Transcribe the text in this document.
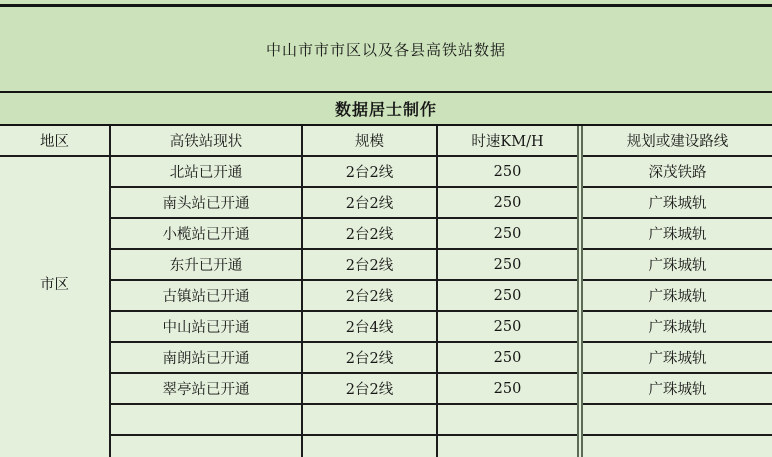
中山市市市区以及各县高铁站数据
数据居士制作
地区	高铁站现状	规模	时速KM/H	规划或建设路线
市区	北站已开通	2台2线	250	深茂铁路
	南头站已开通	2台2线	250	广珠城轨
	小榄站已开通	2台2线	250	广珠城轨
	东升已开通	2台2线	250	广珠城轨
	古镇站已开通	2台2线	250	广珠城轨
	中山站已开通	2台4线	250	广珠城轨
	南朗站已开通	2台2线	250	广珠城轨
	翠亭站已开通	2台2线	250	广珠城轨
